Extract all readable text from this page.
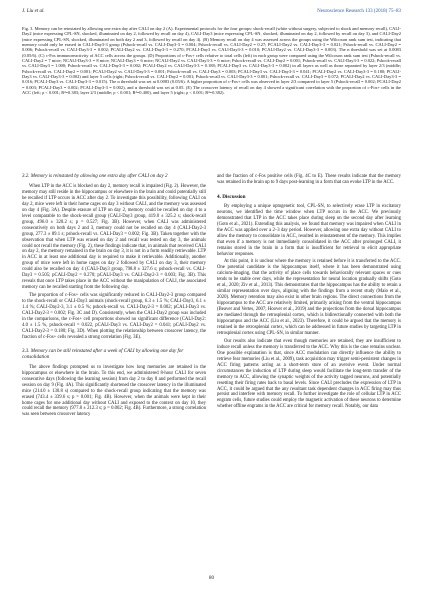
J. Liu et al.	Neuroscience Research 133 (2018) 75–83
Fig. 3. Memory can be reinstated by allowing one extra day after CALI on day 2 (A). Experimental protocols for the four groups: shock-recall (white without surgery, subjected to shock and memory recall), CALI-Day2 (mice expressing CPL-SN, shocked, illuminated on day 2, followed by recall on day 4), CALI-Day3 (mice expressing CPL-SN, shocked, illuminated on day 2, followed by recall on day 3), and CALI-Day2 (mice expressing CPL-SN, shocked, illuminated on both day 2 and 3, followed by recall on day 4). (B) Memory recall on day 4 was assessed across the groups using the Wilcoxon rank sum test, indicating that memory could only be erased in CALI-Day3-3 group (Pshock-recall vs. CALI-Day3-3 = 0.004; Pshock-recall vs. CALI-Day2 = 0.27; PCALI-Day2 vs. CALI-Day3-3 = 0.021; Pshock-recall vs. CALI-Day2 = 0.006; Pshock-recall vs. CALI-Day3-3 = 0.002; PCALI-Day2 vs. CALI-Day3-3 = 0.270; PCALI-Day3 vs. CALI-Day3-3 = 0.010; PCALI-Day2 vs. CALI-Day3-3 = 0.003). The n threshold was set at 0.0083 (0.05/6). (C) c-Fos immunoreactivity of ACC cells across the groups. (D) Proportions of c-Fos+ cells relative to total cells (left) in each group were compared using the Wilcoxon rank sum test (Pshock-recall vs. CALI-Day2 = 7 mice; NCALI-Day3-3 = 8 mice; NCALI-Day3 = 6 mice; NCALI-Day2 vs. CALI-Day3-3 = 6 mice; Pshock-recall vs. CALI-Day2 = 0.001; Pshock-recall vs. CALI-Day3-3 = 0.022; Pshock-recall vs. CALI-Day3 = 1.000; Pshock-recall vs. CALI-Day3-3 = 0.002; PCALI-Day2 vs. CALI-Day3-3 = 0.188; PCALI-Day3 vs. CALI-Day3-3 = 0.002) in all layers as well as those separated by layer 2/3 (middle; Pshock-recall vs. CALI-Day2 = 0.001; PCALI-Day2 vs. CALI-Day3-3 = 0.001; Pshock-recall vs. CALI-Day3 = 0.003; PCALI-Day3 vs. CALI-Day3-3 = 0.041; PCALI-Day2 vs. CALI-Day3-3 = 0.180; PCALI-Day3 vs. CALI-Day3-3 = 0.002) and layer 5 cells (right; Pshock-recall vs. CALI-Day2 = 0.001; Pshock-recall vs. CALI-Day3-3 = 0.001; Pshock-recall vs. CALI-Day3 = 0.072; PCALI-Day2 vs. CALI-Day3-3 = 0.016; PCALI-Day3 vs. CALI-Day3-3 = 0.015). The α threshold was set at 0.0083 (0.05/6). A higher proportion of c-Fos+ cells was observed in layer 2/3 compared to layer 5 (Pshock-recall = 0.002; PCALI-Day2 = 0.003; PCALI-Day3 = 0.002; PCALI-Day3-3 = 0.002), and α threshold was set at 0.05. (E) The crossover latency of recall on day 4 showed a significant correlation with the proportion of c-Fos+ cells in the ACC (left; ρ < 0.001; R²=0.383; layer 2/3 (middle; ρ < 0.001; R²=0.400), and layer 5 (right; ρ < 0.001; R²=0.382).
3.2. Memory is reinstated by allowing one extra day after CALI on day 2

When LTP in the ACC is blocked on day 2, memory recall is impaired (Fig. 2). However, the memory may still reside in the hippocampus or elsewhere in the brain and could potentially still be recalled if LTP occurs in ACC after day 2. To investigate this possibility, following CALI on day 2, mice were left in their home cages on day 3 without CALI, and the memory was assessed on day 4 (Fig. 3A). Despite erasure of LTP on day 2, memory could be recalled on day 4 to a level comparable to the shock-recall group (CALI-Day3 group, 419.0 ± 325.2 s; shock-recall group, 496.0 ± 320.2 s; p = 0.527; Fig. 3B). However, when CALI was administered consecutively on both days 2 and 3, memory could not be recalled on day 4 (CALI-Day2-3 group, 277.3 ± 89.1 s; pshock-recall vs. CALI-Day3 = 0.002; Fig. 3B). Taken together with the observation that when LTP was erased on day 2 and recall was tested on day 3, the animals could not recall the memory (Fig. 2), these findings indicate that, in animals that received CALI on day 2, the memory remained in the brain on day 3, it is not in a form readily retrievable. LTP in ACC in at least one additional day is required to make it retrievable. Additionally, another group of mice were left in home cages on day 2 followed by CALI on day 3, their memory could also be recalled on day 4 (CALI-Day3 group, 798.8 ± 327.6 s; pshock-recall vs. CALI-Day3 = 0.505; pCALI-Day2 = 0.270; pCALI-Day3 vs. CALI-Day2-3 = 0.003; Fig. 3B). This reveals that once LTP takes place in the ACC without the manipulation of CALI, the associated memory can be recalled starting from the following day.

The proportion of c-Fos+ cells was significantly reduced in CALI-Day2-3 group compared to the shock-recall or CALI-Day3 animals (shock-recall group, 6.3 ± 1.5 %; CALI-Day3, 6.1 ± 1.4 %; CALI-Day2-3, 3.1 ± 0.5 %; pshock-recall vs. CALI-Day2-3 = 0.002; pCALI-Day3 vs. CALI-Day2-3 = 0.002; Fig. 3C and D). Consistently, when the CALI-Day2 group was included in the comparisons, the c-Fos+ cell proportions showed no significant difference (CALI-Day2: 4.0 ± 1.5 %, pshock-recall = 0.022, pCALI-Day3 vs. CALI-Day2 = 0.041; pCALI-Day2 vs. CALI-Day2-3 = 0.180; Fig. 3D). When plotting the relationship between crossover latency, the fraction of c-Fos+ cells revealed a strong correlation (Fig. 3E).

3.3. Memory can be still reinstated after a week of CALI by allowing one day for consolidation

The above findings prompted us to investigate how long memories are retained in the hippocampus or elsewhere in the brain. To this end, we administered 8-hour CALI for seven consecutive days (following the learning session) from day 2 to day 8 and performed the recall session on day 9 (Fig. 4A). This significantly shortened the crossover latency in the illuminated mice (214.0 ± 130.8 s) compared to the shock-recall group indicating that the memory was erased (743.4 ± 339.6 s; p = 0.001; Fig. 4B). However, when the animals were kept in their home cages for one additional day without CALI and exposed to the context on day 10, they could recall the memory (977.8 ± 212.3 s; p = 0.002; Fig. 4B). Furthermore, a strong correlation was seen between crossover latency

and the fraction of c-Fos positive cells (Fig. 4C to E). These results indicate that the memory was retained in the brain up to 9 days post-learning in a form that can evoke LTP in the ACC.

4. Discussion

By employing a unique optogenetic tool, CPL-SN, to selectively erase LTP in excitatory neurons, we identified the time window when LTP occurs in the ACC. We previously demonstrated that LTP in the ACC takes place during sleep on the second day after learning (Goto et al., 2021). Extending this analysis, we found that memory was impaired when CALI in the ACC was applied over a 2–3 day period. However, allowing one extra day without CALI to allow the memory to consolidate in ACC, resulted in reinstatement of the memory. This implies that even if a memory is not immediately consolidated in the ACC after prolonged CALI, it remains stored in the brain in a form that is insufficient for retrieval to elicit appropriate behavior responses.

At this point, it is unclear where the memory is retained before it is transferred to the ACC. One potential candidate is the hippocampus itself, where it has been demonstrated using calcium-imaging, that the activity of place cells towards behaviorally relevant spaces or cues tends to be stable over days, while the representation for neural location gradually shifts (Goto et al., 2020; Ziv et al., 2013). This demonstrates that the hippocampus has the ability to retain a similar representation over days, aligning with the findings from a recent study (Maio et al., 2020). Memory retention may also exist in other brain regions. The direct connections from the hippocampus to the ACC are relatively limited, primarily arising from the ventral hippocampus (Beaver and Vertes, 2007; Hoover et al., 2019) and the projections from the dorsal hippocampus are mediated through the retrosplenial cortex, which is bidirectionally connected with both the hippocampus and the ACC (Liu et al., 2023). Therefore, it could be argued that the memory is retained in the retrosplenial cortex, which can be addressed in future studies by targeting LTP in retrosplenial cortex using CPL-SN, in similar manner.

Our results also indicate that even though memories are retained, they are insufficient to induce recall unless the memory is transferred to the ACC. Why this is the case remains unclear. One possible explanation is that, since ACC modulation can directly influence the ability to retrieve fear memories (Liu et al., 2009), task acquisition may trigger semi-persistent changes in ACC firing patterns acting as a short-term store of an aversive event. Under normal circumstances the induction of LTP during sleep would facilitate the long-term transfer of the memory to ACC, allowing the synaptic weights of the activity tagged neurons, and potentially resetting their firing rates back to basal levels. Since CALI precludes the expression of LTP in ACC, it could be argued that the any resultant task dependent changes in ACC firing may thus persist and interfere with memory recall. To further investigate the role of cellular LTP in ACC engram cells, future studies could employ the magnetic activation of these neurons to determine whether offline engrams in the ACC are critical for memory recall. Notably, our data

80
